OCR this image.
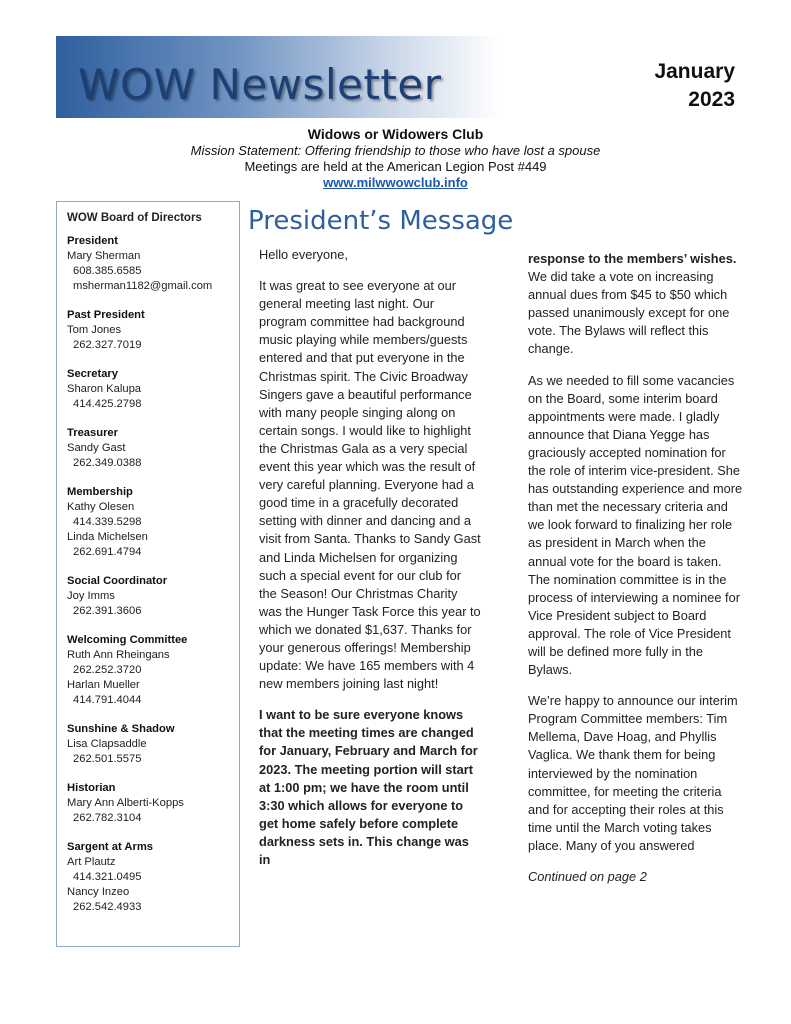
WOW Newsletter	January
2023
Widows or Widowers Club
Mission Statement: Offering friendship to those who have lost a spouse
Meetings are held at the American Legion Post #449
www.milwwowclub.info
WOW Board of Directors
President
Mary Sherman
608.385.6585
msherman1182@gmail.com
Past President
Tom Jones
262.327.7019
Secretary
Sharon Kalupa
414.425.2798
Treasurer
Sandy Gast
262.349.0388
Membership
Kathy Olesen
414.339.5298
Linda Michelsen
262.691.4794
Social Coordinator
Joy Imms
262.391.3606
Welcoming Committee
Ruth Ann Rheingans
262.252.3720
Harlan Mueller
414.791.4044
Sunshine & Shadow
Lisa Clapsaddle
262.501.5575
Historian
Mary Ann Alberti-Kopps
262.782.3104
Sargent at Arms
Art Plautz
414.321.0495
Nancy Inzeo
262.542.4933
President’s Message

Hello everyone,

It was great to see everyone at our general meeting last night. Our program committee had background music playing while members/guests entered and that put everyone in the Christmas spirit. The Civic Broadway Singers gave a beautiful performance with many people singing along on certain songs. I would like to highlight the Christmas Gala as a very special event this year which was the result of very careful planning. Everyone had a good time in a gracefully decorated setting with dinner and dancing and a visit from Santa. Thanks to Sandy Gast and Linda Michelsen for organizing such a special event for our club for the Season! Our Christmas Charity was the Hunger Task Force this year to which we donated $1,637. Thanks for your generous offerings! Membership update: We have 165 members with 4 new members joining last night!

I want to be sure everyone knows that the meeting times are changed for January, February and March for 2023. The meeting portion will start at 1:00 pm; we have the room until 3:30 which allows for everyone to get home safely before complete darkness sets in. This change was in

response to the members’ wishes.
We did take a vote on increasing annual dues from $45 to $50 which passed unanimously except for one vote. The Bylaws will reflect this change.

As we needed to fill some vacancies on the Board, some interim board appointments were made. I gladly announce that Diana Yegge has graciously accepted nomination for the role of interim vice-president. She has outstanding experience and more than met the necessary criteria and we look forward to finalizing her role as president in March when the annual vote for the board is taken. The nomination committee is in the process of interviewing a nominee for Vice President subject to Board approval. The role of Vice President will be defined more fully in the Bylaws.

We’re happy to announce our interim Program Committee members: Tim Mellema, Dave Hoag, and Phyllis Vaglica. We thank them for being interviewed by the nomination committee, for meeting the criteria and for accepting their roles at this time until the March voting takes place. Many of you answered

Continued on page 2
